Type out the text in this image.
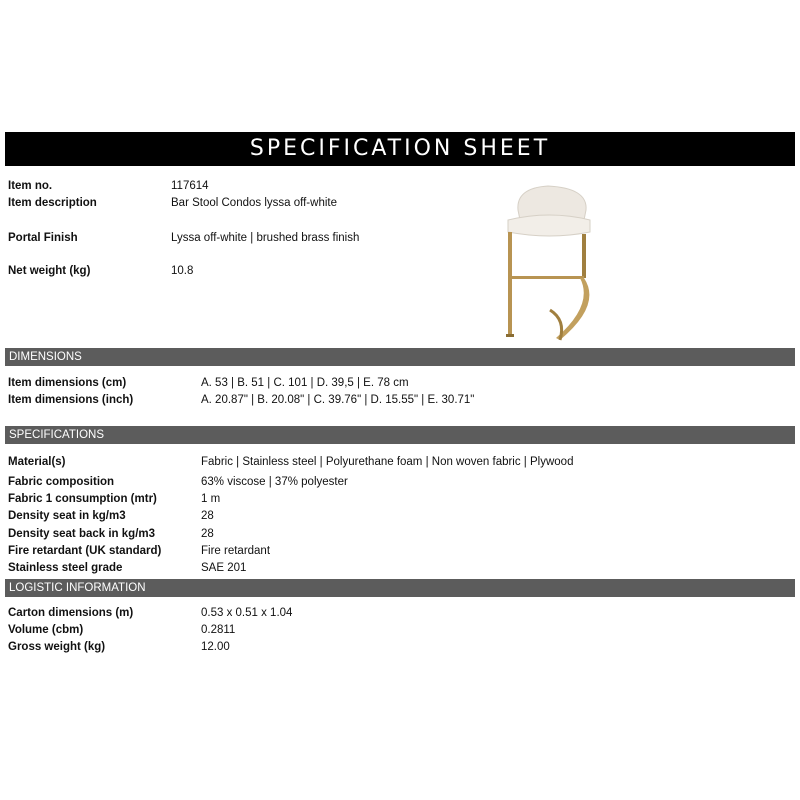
SPECIFICATION SHEET
Item no.	117614
Item description	Bar Stool Condos lyssa off-white
Portal Finish	Lyssa off-white | brushed brass finish
Net weight (kg)	10.8
DIMENSIONS
Item dimensions (cm)	A. 53 | B. 51 | C. 101 | D. 39,5 | E. 78 cm
Item dimensions (inch)	A. 20.87" | B. 20.08" | C. 39.76" | D. 15.55" | E. 30.71"
SPECIFICATIONS
Material(s)	Fabric | Stainless steel | Polyurethane foam | Non woven fabric | Plywood
Fabric composition	63% viscose | 37% polyester
Fabric 1 consumption (mtr)	1 m
Density seat in kg/m3	28
Density seat back in kg/m3	28
Fire retardant (UK standard)	Fire retardant
Stainless steel grade	SAE 201
LOGISTIC INFORMATION
Carton dimensions (m)	0.53 x 0.51 x 1.04
Volume (cbm)	0.2811
Gross weight (kg)	12.00
